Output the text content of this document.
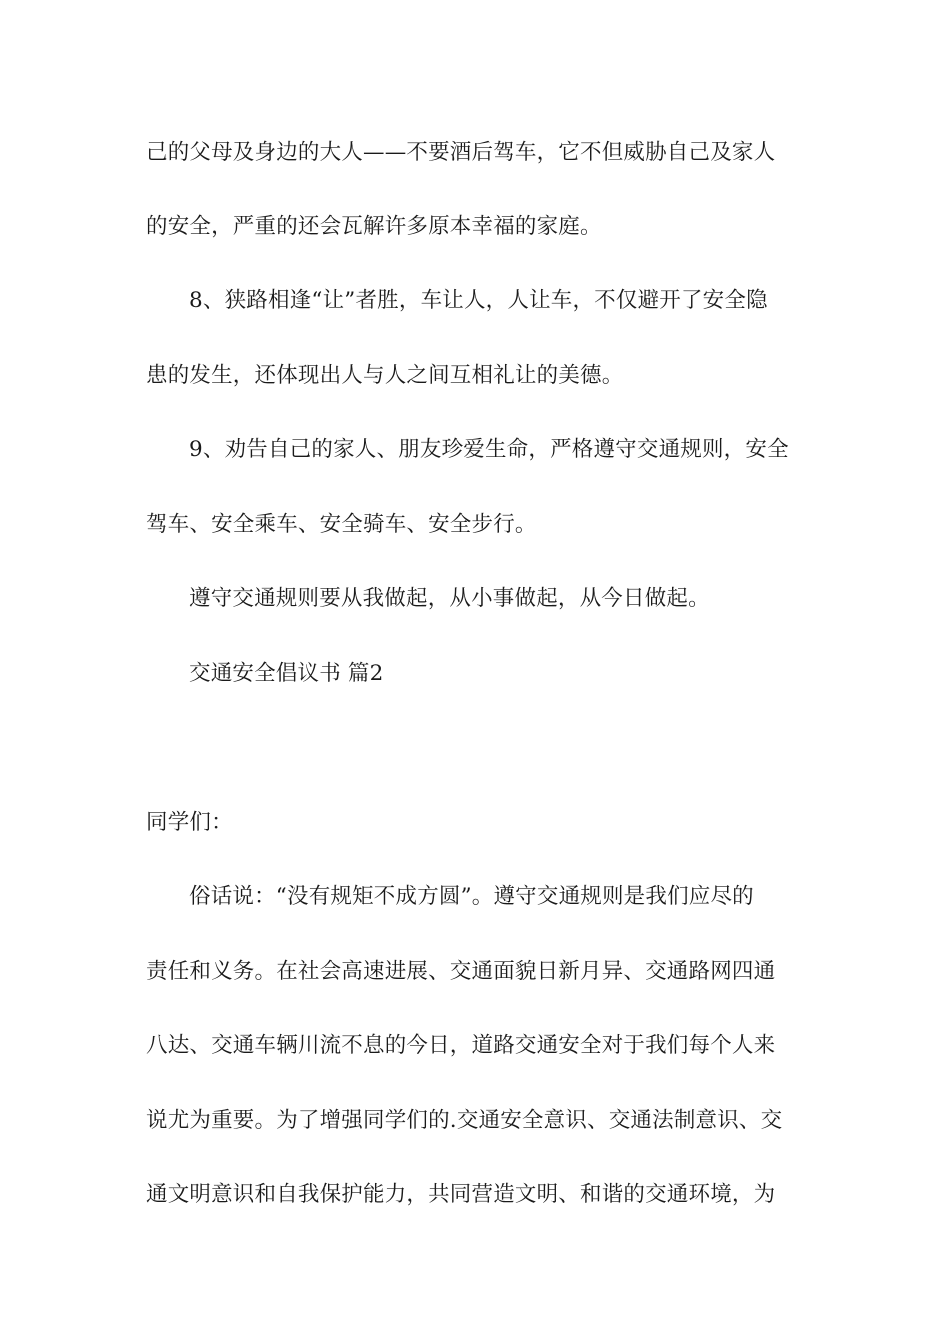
己的父母及身边的大人——不要酒后驾车，它不但威胁自己及家人
的安全，严重的还会瓦解许多原本幸福的家庭。
8、狭路相逢“让”者胜，车让人，人让车，不仅避开了安全隐
患的发生，还体现出人与人之间互相礼让的美德。
9、劝告自己的家人、朋友珍爱生命，严格遵守交通规则，安全
驾车、安全乘车、安全骑车、安全步行。
遵守交通规则要从我做起，从小事做起，从今日做起。
交通安全倡议书 篇2
同学们：
俗话说：“没有规矩不成方圆”。遵守交通规则是我们应尽的
责任和义务。在社会高速进展、交通面貌日新月异、交通路网四通
八达、交通车辆川流不息的今日，道路交通安全对于我们每个人来
说尤为重要。为了增强同学们的.交通安全意识、交通法制意识、交
通文明意识和自我保护能力，共同营造文明、和谐的交通环境，为
